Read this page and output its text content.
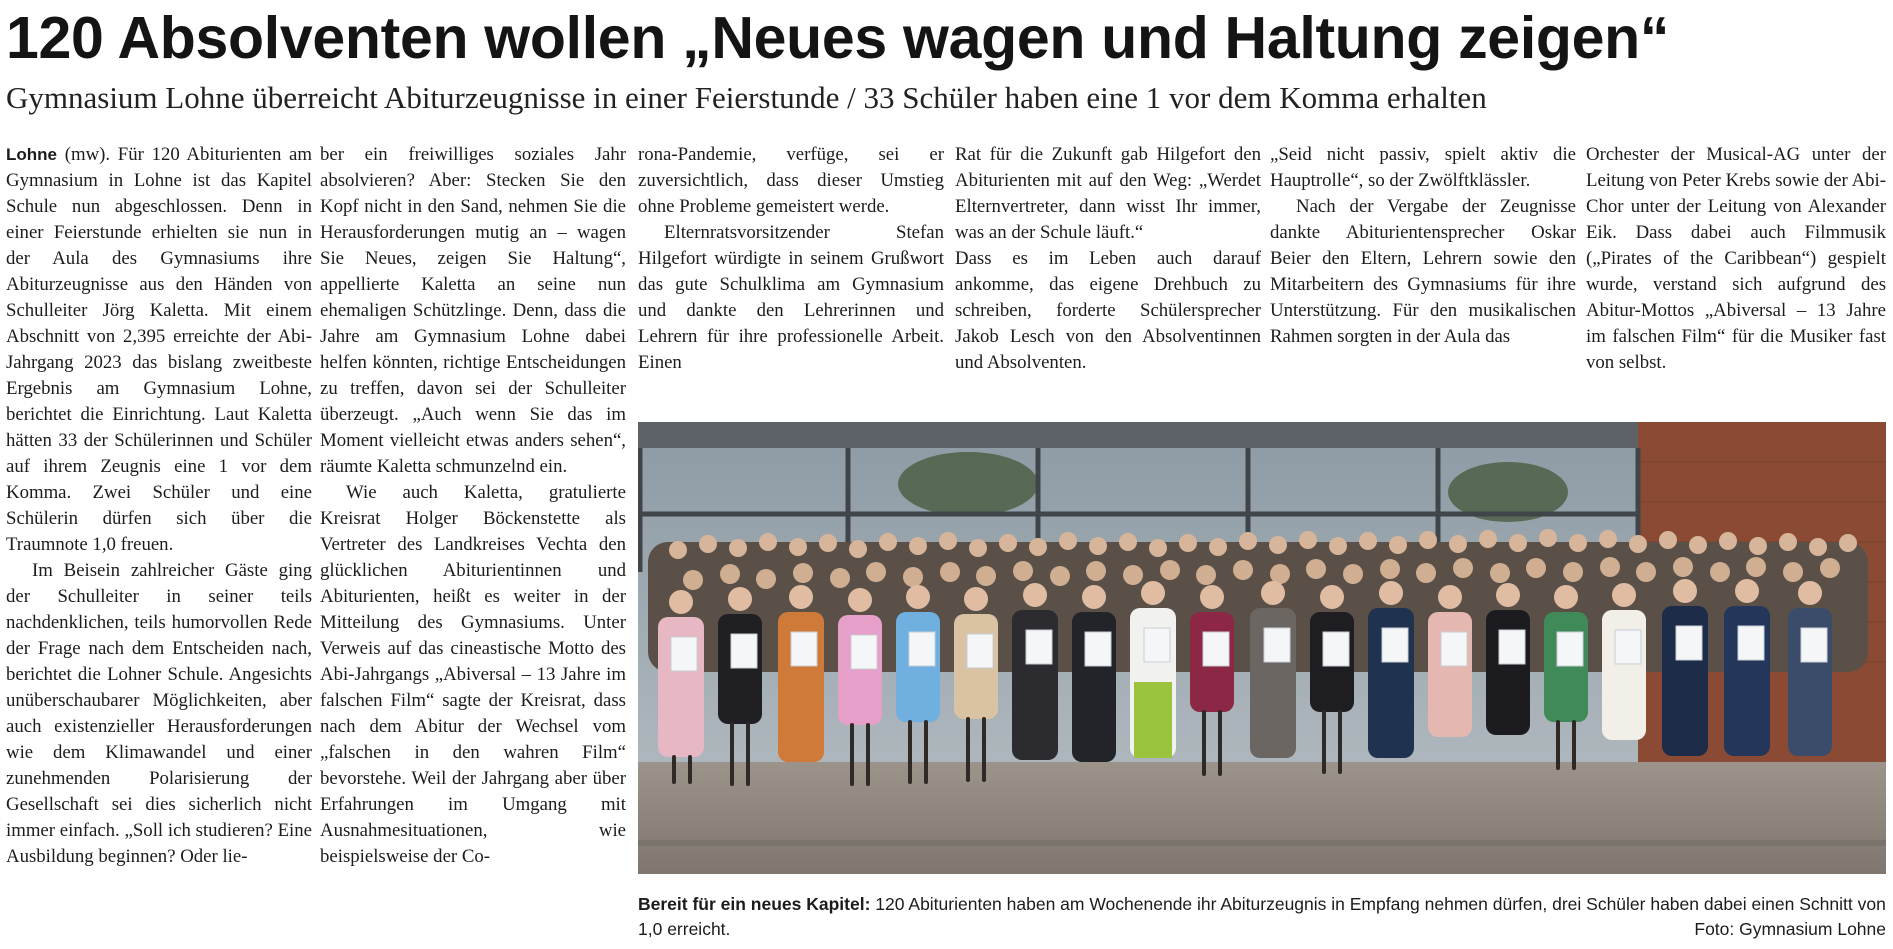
120 Absolventen wollen „Neues wagen und Haltung zeigen“
Gymnasium Lohne überreicht Abiturzeugnisse in einer Feierstunde / 33 Schüler haben eine 1 vor dem Komma erhalten

Lohne (mw). Für 120 Abiturienten am Gymnasium in Lohne ist das Kapitel Schule nun abgeschlossen. Denn in einer Feierstunde erhielten sie nun in der Aula des Gymnasiums ihre Abiturzeugnisse aus den Händen von Schulleiter Jörg Kaletta. Mit einem Abschnitt von 2,395 erreichte der Abi-Jahrgang 2023 das bislang zweitbeste Ergebnis am Gymnasium Lohne, berichtet die Einrichtung. Laut Kaletta hätten 33 der Schülerinnen und Schüler auf ihrem Zeugnis eine 1 vor dem Komma. Zwei Schüler und eine Schülerin dürfen sich über die Traumnote 1,0 freuen.

Im Beisein zahlreicher Gäste ging der Schulleiter in seiner teils nachdenklichen, teils humorvollen Rede der Frage nach dem Entscheiden nach, berichtet die Lohner Schule. Angesichts unüberschaubarer Möglichkeiten, aber auch existenzieller Herausforderungen wie dem Klimawandel und einer zunehmenden Polarisierung der Gesellschaft sei dies sicherlich nicht immer einfach. „Soll ich studieren? Eine Ausbildung beginnen? Oder lie-

ber ein freiwilliges soziales Jahr absolvieren? Aber: Stecken Sie den Kopf nicht in den Sand, nehmen Sie die Herausforderungen mutig an – wagen Sie Neues, zeigen Sie Haltung“, appellierte Kaletta an seine nun ehemaligen Schützlinge. Denn, dass die Jahre am Gymnasium Lohne dabei helfen könnten, richtige Entscheidungen zu treffen, davon sei der Schulleiter überzeugt. „Auch wenn Sie das im Moment vielleicht etwas anders sehen“, räumte Kaletta schmunzelnd ein.

Wie auch Kaletta, gratulierte Kreisrat Holger Böckenstette als Vertreter des Landkreises Vechta den glücklichen Abiturientinnen und Abiturienten, heißt es weiter in der Mitteilung des Gymnasiums. Unter Verweis auf das cineastische Motto des Abi-Jahrgangs „Abiversal – 13 Jahre im falschen Film“ sagte der Kreisrat, dass nach dem Abitur der Wechsel vom „falschen in den wahren Film“ bevorstehe. Weil der Jahrgang aber über Erfahrungen im Umgang mit Ausnahmesituationen, wie beispielsweise der Co-

rona-Pandemie, verfüge, sei er zuversichtlich, dass dieser Umstieg ohne Probleme gemeistert werde.

Elternratsvorsitzender Stefan Hilgefort würdigte in seinem Grußwort das gute Schulklima am Gymnasium und dankte den Lehrerinnen und Lehrern für ihre professionelle Arbeit. Einen

Rat für die Zukunft gab Hilgefort den Abiturienten mit auf den Weg: „Werdet Elternvertreter, dann wisst Ihr immer, was an der Schule läuft.“

Dass es im Leben auch darauf ankomme, das eigene Drehbuch zu schreiben, forderte Schülersprecher Jakob Lesch von den Absolventinnen und Absolventen.

„Seid nicht passiv, spielt aktiv die Hauptrolle“, so der Zwölftklässler.

Nach der Vergabe der Zeugnisse dankte Abiturientensprecher Oskar Beier den Eltern, Lehrern sowie den Mitarbeitern des Gymnasiums für ihre Unterstützung. Für den musikalischen Rahmen sorgten in der Aula das

Orchester der Musical-AG unter der Leitung von Peter Krebs sowie der Abi-Chor unter der Leitung von Alexander Eik. Dass dabei auch Filmmusik („Pirates of the Caribbean“) gespielt wurde, verstand sich aufgrund des Abitur-Mottos „Abiversal – 13 Jahre im falschen Film“ für die Musiker fast von selbst.

Bereit für ein neues Kapitel: 120 Abiturienten haben am Wochenende ihr Abiturzeugnis in Empfang nehmen dürfen, drei Schüler haben dabei einen Schnitt von 1,0 erreicht.	Foto: Gymnasium Lohne
